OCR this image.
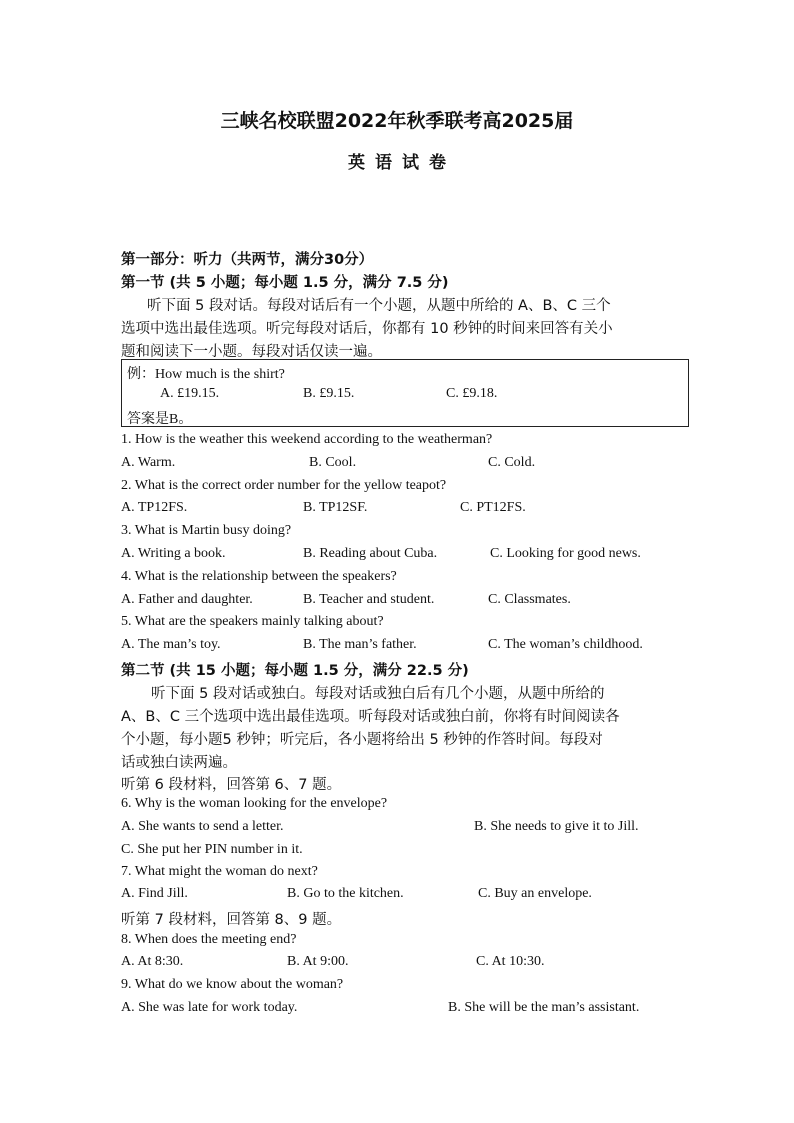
三峡名校联盟2022年秋季联考高2025届
英语试卷
第一部分：听力（共两节，满分30分）
第一节 (共 5 小题；每小题 1.5 分，满分 7.5 分)
听下面 5 段对话。每段对话后有一个小题，从题中所给的 A、B、C 三个
选项中选出最佳选项。听完每段对话后，你都有 10 秒钟的时间来回答有关小
题和阅读下一小题。每段对话仅读一遍。
例：How much is the shirt?
A. £19.15.	B. £9.15.	C. £9.18.
答案是B。
1. How is the weather this weekend according to the weatherman?
A. Warm.	B. Cool.	C. Cold.
2. What is the correct order number for the yellow teapot?
A. TP12FS.	B. TP12SF.	C. PT12FS.
3. What is Martin busy doing?
A. Writing a book.	B. Reading about Cuba.	C. Looking for good news.
4. What is the relationship between the speakers?
A. Father and daughter.	B. Teacher and student.	C. Classmates.
5. What are the speakers mainly talking about?
A. The man’s toy.	B. The man’s father.	C. The woman’s childhood.
第二节 (共 15 小题；每小题 1.5 分，满分 22.5 分)
听下面 5 段对话或独白。每段对话或独白后有几个小题，从题中所给的
A、B、C 三个选项中选出最佳选项。听每段对话或独白前，你将有时间阅读各
个小题，每小题5 秒钟；听完后，各小题将给出 5 秒钟的作答时间。每段对
话或独白读两遍。
听第 6 段材料，回答第 6、7 题。
6. Why is the woman looking for the envelope?
A. She wants to send a letter.	B. She needs to give it to Jill.
C. She put her PIN number in it.
7. What might the woman do next?
A. Find Jill.	B. Go to the kitchen.	C. Buy an envelope.
听第 7 段材料，回答第 8、9 题。
8. When does the meeting end?
A. At 8:30.	B. At 9:00.	C. At 10:30.
9. What do we know about the woman?
A. She was late for work today.	B. She will be the man’s assistant.
